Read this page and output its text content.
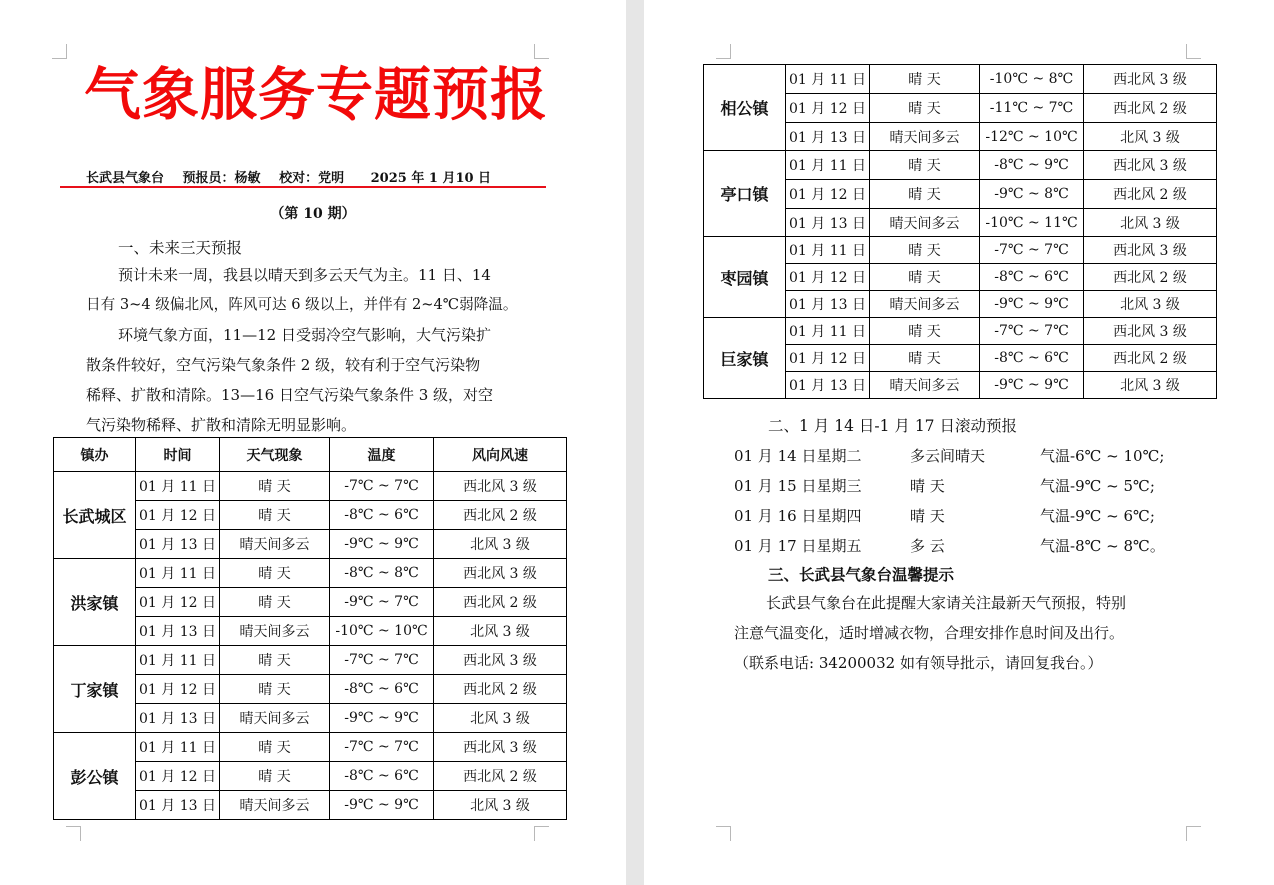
气象服务专题预报
长武县气象台 预报员：杨敏 校对：党明 2025 年 1 月10 日
（第 10 期）
一、未来三天预报
预计未来一周，我县以晴天到多云天气为主。11 日、14
日有 3~4 级偏北风，阵风可达 6 级以上，并伴有 2~4℃弱降温。
环境气象方面，11—12 日受弱冷空气影响，大气污染扩
散条件较好，空气污染气象条件 2 级，较有利于空气污染物
稀释、扩散和清除。13—16 日空气污染气象条件 3 级，对空
气污染物稀释、扩散和清除无明显影响。
镇办	时间	天气现象	温度	风向风速
长武城区	01 月 11 日	晴 天	-7℃ ~ 7℃	西北风 3 级
	01 月 12 日	晴 天	-8℃ ~ 6℃	西北风 2 级
	01 月 13 日	晴天间多云	-9℃ ~ 9℃	北风 3 级
洪家镇	01 月 11 日	晴 天	-8℃ ~ 8℃	西北风 3 级
	01 月 12 日	晴 天	-9℃ ~ 7℃	西北风 2 级
	01 月 13 日	晴天间多云	-10℃ ~ 10℃	北风 3 级
丁家镇	01 月 11 日	晴 天	-7℃ ~ 7℃	西北风 3 级
	01 月 12 日	晴 天	-8℃ ~ 6℃	西北风 2 级
	01 月 13 日	晴天间多云	-9℃ ~ 9℃	北风 3 级
彭公镇	01 月 11 日	晴 天	-7℃ ~ 7℃	西北风 3 级
	01 月 12 日	晴 天	-8℃ ~ 6℃	西北风 2 级
	01 月 13 日	晴天间多云	-9℃ ~ 9℃	北风 3 级
相公镇	01 月 11 日	晴 天	-10℃ ~ 8℃	西北风 3 级
	01 月 12 日	晴 天	-11℃ ~ 7℃	西北风 2 级
	01 月 13 日	晴天间多云	-12℃ ~ 10℃	北风 3 级
亭口镇	01 月 11 日	晴 天	-8℃ ~ 9℃	西北风 3 级
	01 月 12 日	晴 天	-9℃ ~ 8℃	西北风 2 级
	01 月 13 日	晴天间多云	-10℃ ~ 11℃	北风 3 级
枣园镇	01 月 11 日	晴 天	-7℃ ~ 7℃	西北风 3 级
	01 月 12 日	晴 天	-8℃ ~ 6℃	西北风 2 级
	01 月 13 日	晴天间多云	-9℃ ~ 9℃	北风 3 级
巨家镇	01 月 11 日	晴 天	-7℃ ~ 7℃	西北风 3 级
	01 月 12 日	晴 天	-8℃ ~ 6℃	西北风 2 级
	01 月 13 日	晴天间多云	-9℃ ~ 9℃	北风 3 级
二、1 月 14 日-1 月 17 日滚动预报
01 月 14 日星期二	多云间晴天	气温-6℃ ~ 10℃;
01 月 15 日星期三	晴 天	气温-9℃ ~ 5℃;
01 月 16 日星期四	晴 天	气温-9℃ ~ 6℃;
01 月 17 日星期五	多 云	气温-8℃ ~ 8℃。
三、长武县气象台温馨提示
长武县气象台在此提醒大家请关注最新天气预报，特别
注意气温变化，适时增减衣物，合理安排作息时间及出行。
（联系电话: 34200032 如有领导批示，请回复我台。）
